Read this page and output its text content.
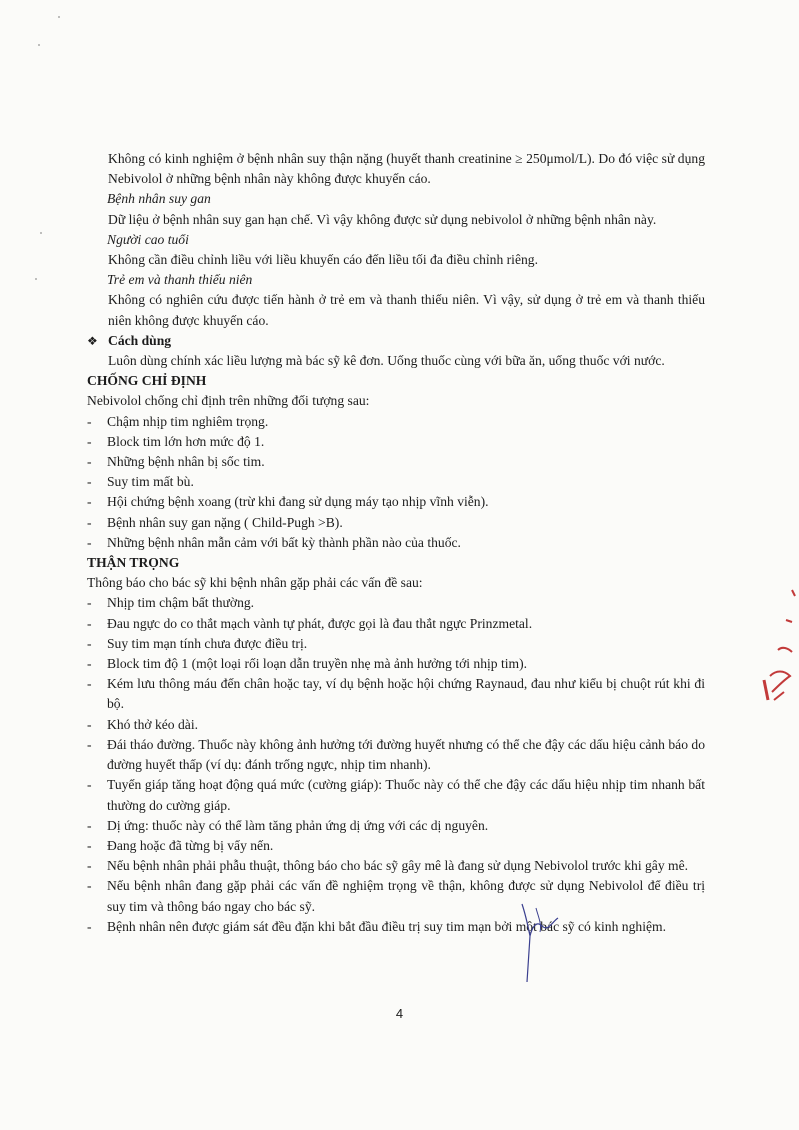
Không có kinh nghiệm ở bệnh nhân suy thận nặng (huyết thanh creatinine ≥ 250μmol/L). Do đó việc sử dụng Nebivolol ở những bệnh nhân này không được khuyến cáo.

Bệnh nhân suy gan

Dữ liệu ở bệnh nhân suy gan hạn chế. Vì vậy không được sử dụng nebivolol ở những bệnh nhân này.

Người cao tuổi

Không cần điều chỉnh liều với liều khuyến cáo đến liều tối đa điều chỉnh riêng.

Trẻ em và thanh thiếu niên

Không có nghiên cứu được tiến hành ở trẻ em và thanh thiếu niên. Vì vậy, sử dụng ở trẻ em và thanh thiếu niên không được khuyến cáo.

❖ Cách dùng

Luôn dùng chính xác liều lượng mà bác sỹ kê đơn. Uống thuốc cùng với bữa ăn, uống thuốc với nước.

CHỐNG CHỈ ĐỊNH

Nebivolol chống chỉ định trên những đối tượng sau:

-	Chậm nhịp tim nghiêm trọng.
-	Block tim lớn hơn mức độ 1.
-	Những bệnh nhân bị sốc tim.
-	Suy tim mất bù.
-	Hội chứng bệnh xoang (trừ khi đang sử dụng máy tạo nhịp vĩnh viễn).
-	Bệnh nhân suy gan nặng ( Child-Pugh >B).
-	Những bệnh nhân mẫn cảm với bất kỳ thành phần nào của thuốc.

THẬN TRỌNG

Thông báo cho bác sỹ khi bệnh nhân gặp phải các vấn đề sau:

-	Nhịp tim chậm bất thường.
-	Đau ngực do co thắt mạch vành tự phát, được gọi là đau thắt ngực Prinzmetal.
-	Suy tim mạn tính chưa được điều trị.
-	Block tim độ 1 (một loại rối loạn dẫn truyền nhẹ mà ảnh hưởng tới nhịp tim).
-	Kém lưu thông máu đến chân hoặc tay, ví dụ bệnh hoặc hội chứng Raynaud, đau như kiểu bị chuột rút khi đi bộ.
-	Khó thở kéo dài.
-	Đái tháo đường. Thuốc này không ảnh hưởng tới đường huyết nhưng có thể che đậy các dấu hiệu cảnh báo do đường huyết thấp (ví dụ: đánh trống ngực, nhịp tim nhanh).
-	Tuyến giáp tăng hoạt động quá mức (cường giáp): Thuốc này có thể che đậy các dấu hiệu nhịp tim nhanh bất thường do cường giáp.
-	Dị ứng: thuốc này có thể làm tăng phản ứng dị ứng với các dị nguyên.
-	Đang hoặc đã từng bị vẩy nến.
-	Nếu bệnh nhân phải phẫu thuật, thông báo cho bác sỹ gây mê là đang sử dụng Nebivolol trước khi gây mê.
-	Nếu bệnh nhân đang gặp phải các vấn đề nghiệm trọng về thận, không được sử dụng Nebivolol để điều trị suy tim và thông báo ngay cho bác sỹ.
-	Bệnh nhân nên được giám sát đều đặn khi bắt đầu điều trị suy tim mạn bởi một bác sỹ có kinh nghiệm.
4
